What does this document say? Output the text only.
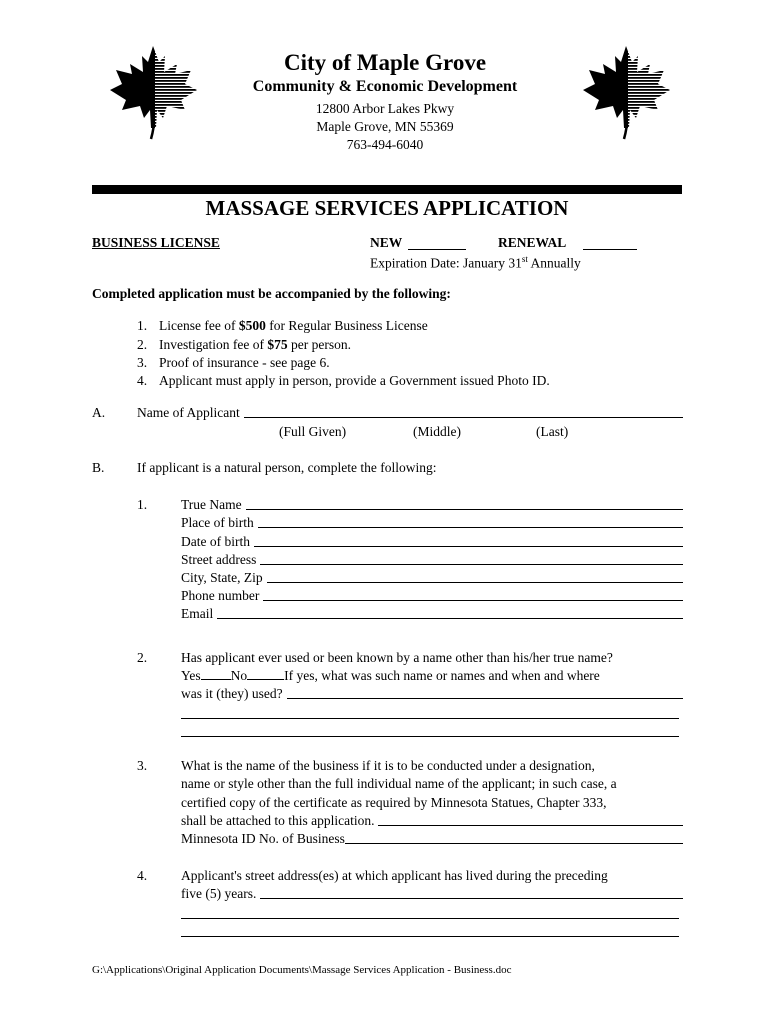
City of Maple Grove
Community & Economic Development
12800 Arbor Lakes Pkwy
Maple Grove, MN 55369
763-494-6040
MASSAGE SERVICES APPLICATION
BUSINESS LICENSE	NEW	RENEWAL
Expiration Date: January 31st Annually
Completed application must be accompanied by the following:
1. License fee of $500 for Regular Business License
2. Investigation fee of $75 per person.
3. Proof of insurance - see page 6.
4. Applicant must apply in person, provide a Government issued Photo ID.
A. Name of Applicant
(Full Given)	(Middle)	(Last)
B. If applicant is a natural person, complete the following:
1.	True Name
Place of birth
Date of birth
Street address
City, State, Zip
Phone number
Email
2.	Has applicant ever used or been known by a name other than his/her true name?
Yes No	If yes, what was such name or names and when and where
was it (they) used?
3.	What is the name of the business if it is to be conducted under a designation,
name or style other than the full individual name of the applicant; in such case, a
certified copy of the certificate as required by Minnesota Statues, Chapter 333,
shall be attached to this application.
Minnesota ID No. of Business
4.	Applicant's street address(es) at which applicant has lived during the preceding
five (5) years.
G:\Applications\Original Application Documents\Massage Services Application - Business.doc
